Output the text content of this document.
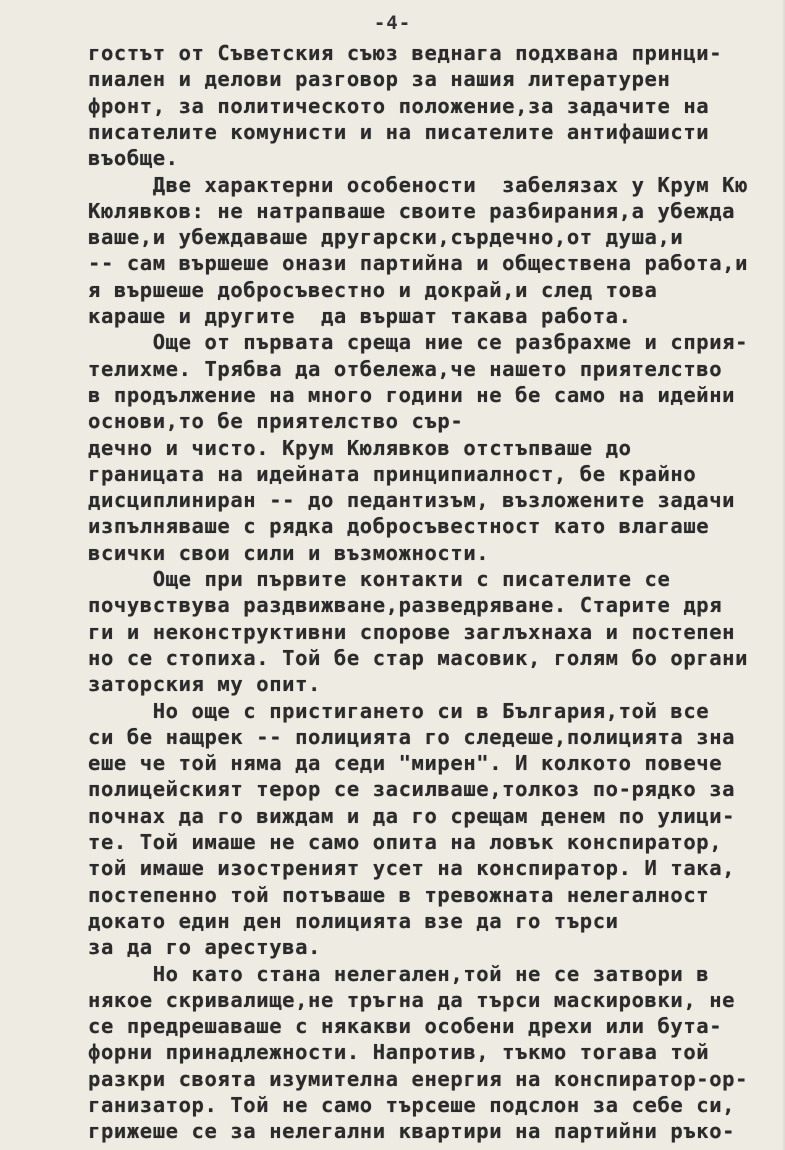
-4-
гостът от Съветския съюз веднага подхвана принци-
пиален и делови разговор за нашия литературен
фронт, за политическото положение,за задачите на
писателите комунисти и на писателите антифашисти
въобще.
Две характерни особености  забелязах у Крум Кю
Кюлявков: не натрапваше своите разбирания,а убежда
ваше,и убеждаваше другарски,сърдечно,от душа,и
-- сам вършеше онази партийна и обществена работа,и
я вършеше добросъвестно и докрай,и след това
караше и другите  да вършат такава работа.
Още от първата среща ние се разбрахме и сприя-
телихме. Трябва да отбележа,че нашето приятелство
в продължение на много години не бе само на идейни
основи,то бе приятелство сър-
дечно и чисто. Крум Кюлявков отстъпваше до
границата на идейната принципиалност, бе крайно
дисциплиниран -- до педантизъм, възложените задачи
изпълняваше с рядка добросъвестност като влагаше
всички свои сили и възможности.
Още при първите контакти с писателите се
почувствува раздвижване,разведряване. Старите дря
ги и неконструктивни спорове заглъхнаха и постепен
но се стопиха. Той бе стар масовик, голям бо органи
заторския му опит.
Но още с пристигането си в България,той все
си бе нащрек -- полицията го следеше,полицията зна
еше че той няма да седи "мирен". И колкото повече
полицейският терор се засилваше,толкоз по-рядко за
почнах да го виждам и да го срещам денем по улици-
те. Той имаше не само опита на ловък конспиратор,
той имаше изостреният усет на конспиратор. И така,
постепенно той потъваше в тревожната нелегалност
докато един ден полицията взе да го търси
за да го арестува.
Но като стана нелегален,той не се затвори в
някое скривалище,не тръгна да търси маскировки, не
се предрешаваше с някакви особени дрехи или бута-
форни принадлежности. Напротив, тъкмо тогава той
разкри своята изумителна енергия на конспиратор-ор-
ганизатор. Той не само търсеше подслон за себе си,
грижеше се за нелегални квартири на партийни ръко-
